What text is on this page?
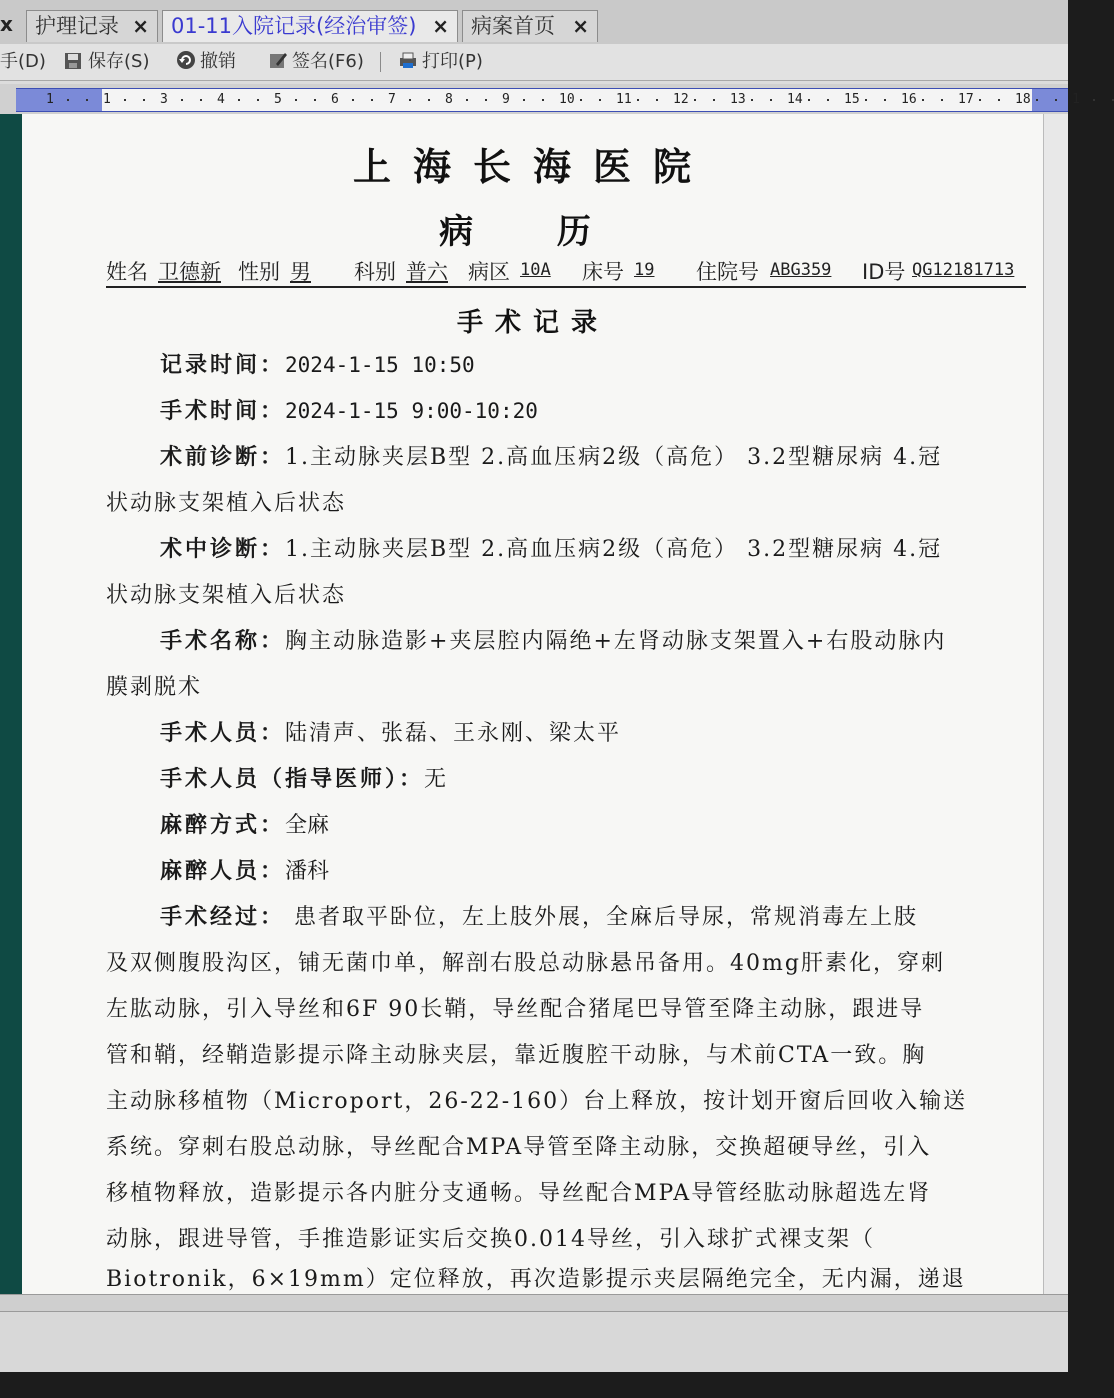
x	护理记录 ×	01-11入院记录(经治审签) ×	病案首页 ×
手(D)	保存(S)	撤销	签名(F6)	打印(P)
1	1	3	4	5	6	7	8	9	10	11	12	13	14	15	16	17	18	1
上海长海医院
病 历
姓名 卫德新 性别 男 科别 普六 病区 10A 床号 19 住院号 ABG359 ID号 QG12181713
手术记录
记录时间：2024-1-15 10:50
手术时间：2024-1-15 9:00-10:20
术前诊断：1.主动脉夹层B型 2.高血压病2级（高危） 3.2型糖尿病 4.冠
状动脉支架植入后状态
术中诊断：1.主动脉夹层B型 2.高血压病2级（高危） 3.2型糖尿病 4.冠
状动脉支架植入后状态
手术名称：胸主动脉造影+夹层腔内隔绝+左肾动脉支架置入+右股动脉内
膜剥脱术
手术人员：陆清声、张磊、王永刚、梁太平
手术人员（指导医师）：无
麻醉方式：全麻
麻醉人员：潘科
手术经过： 患者取平卧位，左上肢外展，全麻后导尿，常规消毒左上肢
及双侧腹股沟区，铺无菌巾单，解剖右股总动脉悬吊备用。40mg肝素化，穿刺
左肱动脉，引入导丝和6F 90长鞘，导丝配合猪尾巴导管至降主动脉，跟进导
管和鞘，经鞘造影提示降主动脉夹层，靠近腹腔干动脉，与术前CTA一致。胸
主动脉移植物（Microport，26-22-160）台上释放，按计划开窗后回收入输送
系统。穿刺右股总动脉，导丝配合MPA导管至降主动脉，交换超硬导丝，引入
移植物释放，造影提示各内脏分支通畅。导丝配合MPA导管经肱动脉超选左肾
动脉，跟进导管，手推造影证实后交换0.014导丝，引入球扩式裸支架（
Biotronik，6×19mm）定位释放，再次造影提示夹层隔绝完全，无内漏，递退
